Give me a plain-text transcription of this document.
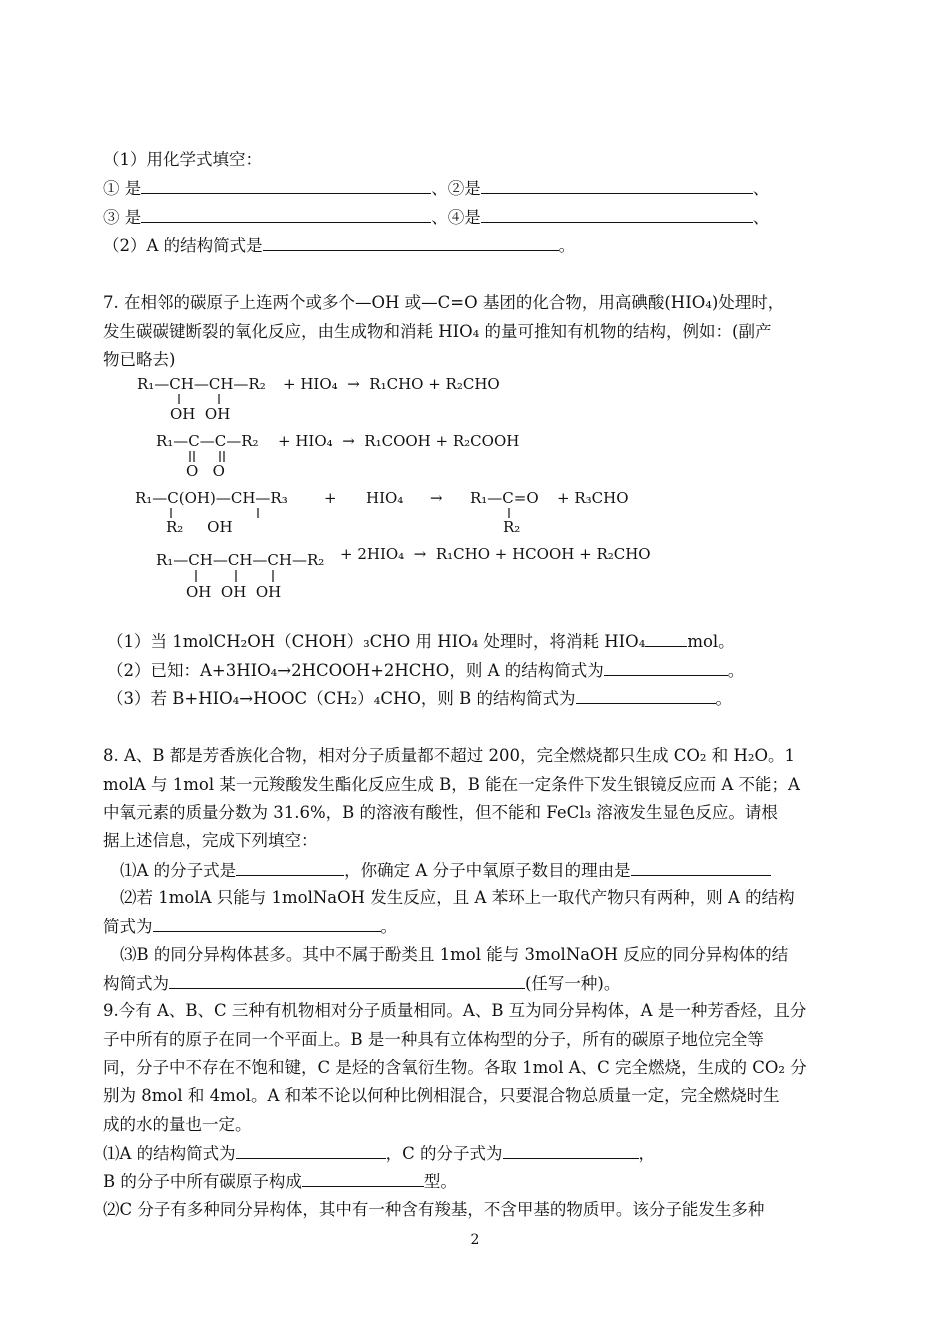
（1）用化学式填空：
① 是	、②是	、
③ 是	、④是	、
（2）A 的结构简式是	。
7. 在相邻的碳原子上连两个或多个—OH 或—C=O 基团的化合物，用高碘酸(HIO₄)处理时，
发生碳碳键断裂的氧化反应，由生成物和消耗 HIO₄ 的量可推知有机物的结构，例如：(副产
物已略去)
R₁—CH—CH—R₂
OH  OH
+ HIO₄  →  R₁CHO + R₂CHO
R₁—C—C—R₂
O   O
+ HIO₄  →  R₁COOH + R₂COOH
R₁—C(OH)—CH—R₃
R₂     OH
+ HIO₄ → R₁—C=O
R₂
+ R₃CHO
R₁—CH—CH—CH—R₂
OH  OH  OH
+ 2HIO₄  →  R₁CHO + HCOOH + R₂CHO
（1）当 1molCH₂OH（CHOH）₃CHO 用 HIO₄ 处理时，将消耗 HIO₄	mol。
（2）已知：A+3HIO₄→2HCOOH+2HCHO，则 A 的结构简式为	。
（3）若 B+HIO₄→HOOC（CH₂）₄CHO，则 B 的结构简式为	。
8. A、B 都是芳香族化合物，相对分子质量都不超过 200，完全燃烧都只生成 CO₂ 和 H₂O。1
molA 与 1mol 某一元羧酸发生酯化反应生成 B，B 能在一定条件下发生银镜反应而 A 不能；A
中氧元素的质量分数为 31.6%，B 的溶液有酸性，但不能和 FeCl₃ 溶液发生显色反应。请根
据上述信息，完成下列填空：
⑴A 的分子式是	，你确定 A 分子中氧原子数目的理由是
⑵若 1molA 只能与 1molNaOH 发生反应，且 A 苯环上一取代产物只有两种，则 A 的结构
简式为	。
⑶B 的同分异构体甚多。其中不属于酚类且 1mol 能与 3molNaOH 反应的同分异构体的结
构简式为	(任写一种)。
9.今有 A、B、C 三种有机物相对分子质量相同。A、B 互为同分异构体，A 是一种芳香烃，且分
子中所有的原子在同一个平面上。B 是一种具有立体构型的分子，所有的碳原子地位完全等
同，分子中不存在不饱和键，C 是烃的含氧衍生物。各取 1mol A、C 完全燃烧，生成的 CO₂ 分
别为 8mol 和 4mol。A 和苯不论以何种比例相混合，只要混合物总质量一定，完全燃烧时生
成的水的量也一定。
⑴A 的结构简式为	，C 的分子式为	，
B 的分子中所有碳原子构成	型。
⑵C 分子有多种同分异构体，其中有一种含有羧基，不含甲基的物质甲。该分子能发生多种
2
